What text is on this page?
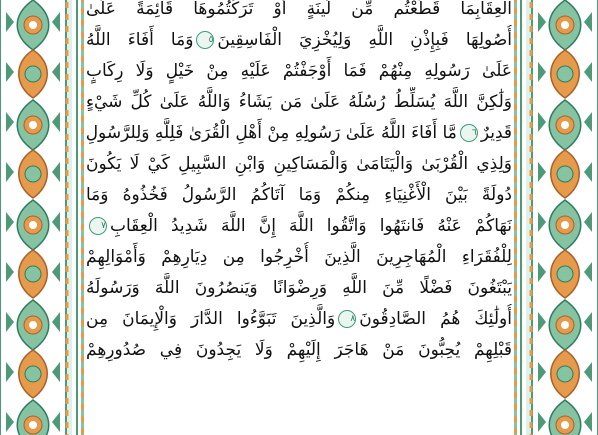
الْعِقَابِمَا قَطَعْتُم مِّن لِّينَةٍ أَوْ تَرَكْتُمُوهَا قَائِمَةً عَلَىٰ
أُصُولِهَا فَبِإِذْنِ اللَّهِ وَلِيُخْزِيَ الْفَاسِقِينَ٥وَمَا أَفَاءَ اللَّهُ
عَلَىٰ رَسُولِهِ مِنْهُمْ فَمَا أَوْجَفْتُمْ عَلَيْهِ مِنْ خَيْلٍ وَلَا رِكَابٍ
وَلَٰكِنَّ اللَّهَ يُسَلِّطُ رُسُلَهُ عَلَىٰ مَن يَشَاءُ وَاللَّهُ عَلَىٰ كُلِّ شَيْءٍ
قَدِيرٌ٦مَّا أَفَاءَ اللَّهُ عَلَىٰ رَسُولِهِ مِنْ أَهْلِ الْقُرَىٰ فَلِلَّهِ وَلِلرَّسُولِ
وَلِذِي الْقُرْبَىٰ وَالْيَتَامَىٰ وَالْمَسَاكِينِ وَابْنِ السَّبِيلِ كَيْ لَا يَكُونَ
دُولَةً بَيْنَ الْأَغْنِيَاءِ مِنكُمْ وَمَا آتَاكُمُ الرَّسُولُ فَخُذُوهُ وَمَا
نَهَاكُمْ عَنْهُ فَانتَهُوا وَاتَّقُوا اللَّهَ إِنَّ اللَّهَ شَدِيدُ الْعِقَابِ٧
لِلْفُقَرَاءِ الْمُهَاجِرِينَ الَّذِينَ أُخْرِجُوا مِن دِيَارِهِمْ وَأَمْوَالِهِمْ
يَبْتَغُونَ فَضْلًا مِّنَ اللَّهِ وَرِضْوَانًا وَيَنصُرُونَ اللَّهَ وَرَسُولَهُ
أُولَٰئِكَ هُمُ الصَّادِقُونَ٨وَالَّذِينَ تَبَوَّءُوا الدَّارَ وَالْإِيمَانَ مِن
قَبْلِهِمْ يُحِبُّونَ مَنْ هَاجَرَ إِلَيْهِمْ وَلَا يَجِدُونَ فِي صُدُورِهِمْ
